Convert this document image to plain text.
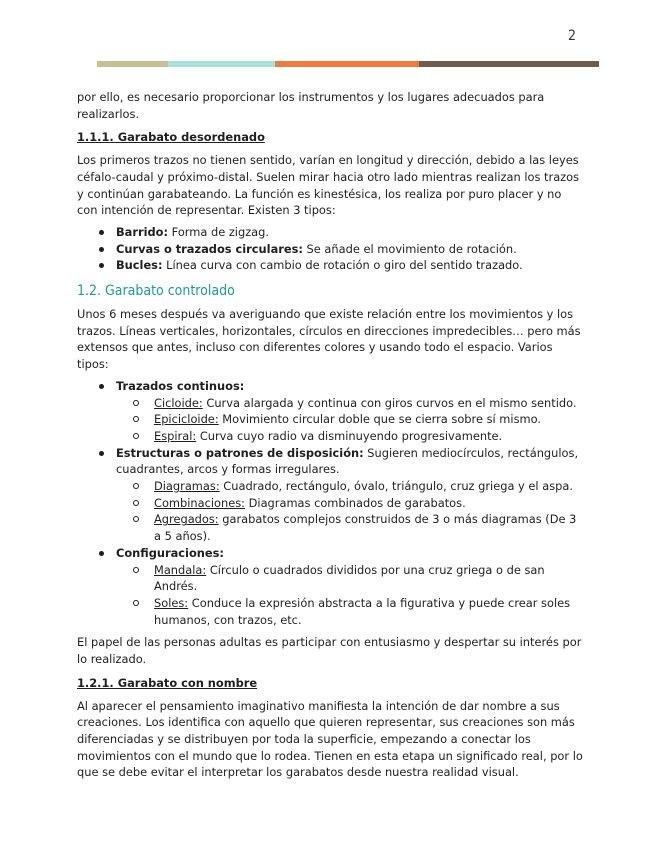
2

por ello, es necesario proporcionar los instrumentos y los lugares adecuados para realizarlos.

1.1.1. Garabato desordenado

Los primeros trazos no tienen sentido, varían en longitud y dirección, debido a las leyes céfalo-caudal y próximo-distal. Suelen mirar hacia otro lado mientras realizan los trazos y continúan garabateando. La función es kinestésica, los realiza por puro placer y no con intención de representar. Existen 3 tipos:

Barrido: Forma de zigzag.
Curvas o trazados circulares: Se añade el movimiento de rotación.
Bucles: Línea curva con cambio de rotación o giro del sentido trazado.

1.2. Garabato controlado

Unos 6 meses después va averiguando que existe relación entre los movimientos y los trazos. Líneas verticales, horizontales, círculos en direcciones impredecibles… pero más extensos que antes, incluso con diferentes colores y usando todo el espacio. Varios tipos:

Trazados continuos:
Cicloide: Curva alargada y continua con giros curvos en el mismo sentido.
Epicicloide: Movimiento circular doble que se cierra sobre sí mismo.
Espiral: Curva cuyo radio va disminuyendo progresivamente.
Estructuras o patrones de disposición: Sugieren mediocírculos, rectángulos, cuadrantes, arcos y formas irregulares.
Diagramas: Cuadrado, rectángulo, óvalo, triángulo, cruz griega y el aspa.
Combinaciones: Diagramas combinados de garabatos.
Agregados: garabatos complejos construidos de 3 o más diagramas (De 3 a 5 años).
Configuraciones:
Mandala: Círculo o cuadrados divididos por una cruz griega o de san Andrés.
Soles: Conduce la expresión abstracta a la figurativa y puede crear soles humanos, con trazos, etc.

El papel de las personas adultas es participar con entusiasmo y despertar su interés por lo realizado.

1.2.1. Garabato con nombre

Al aparecer el pensamiento imaginativo manifiesta la intención de dar nombre a sus creaciones. Los identifica con aquello que quieren representar, sus creaciones son más diferenciadas y se distribuyen por toda la superficie, empezando a conectar los movimientos con el mundo que lo rodea. Tienen en esta etapa un significado real, por lo que se debe evitar el interpretar los garabatos desde nuestra realidad visual.
